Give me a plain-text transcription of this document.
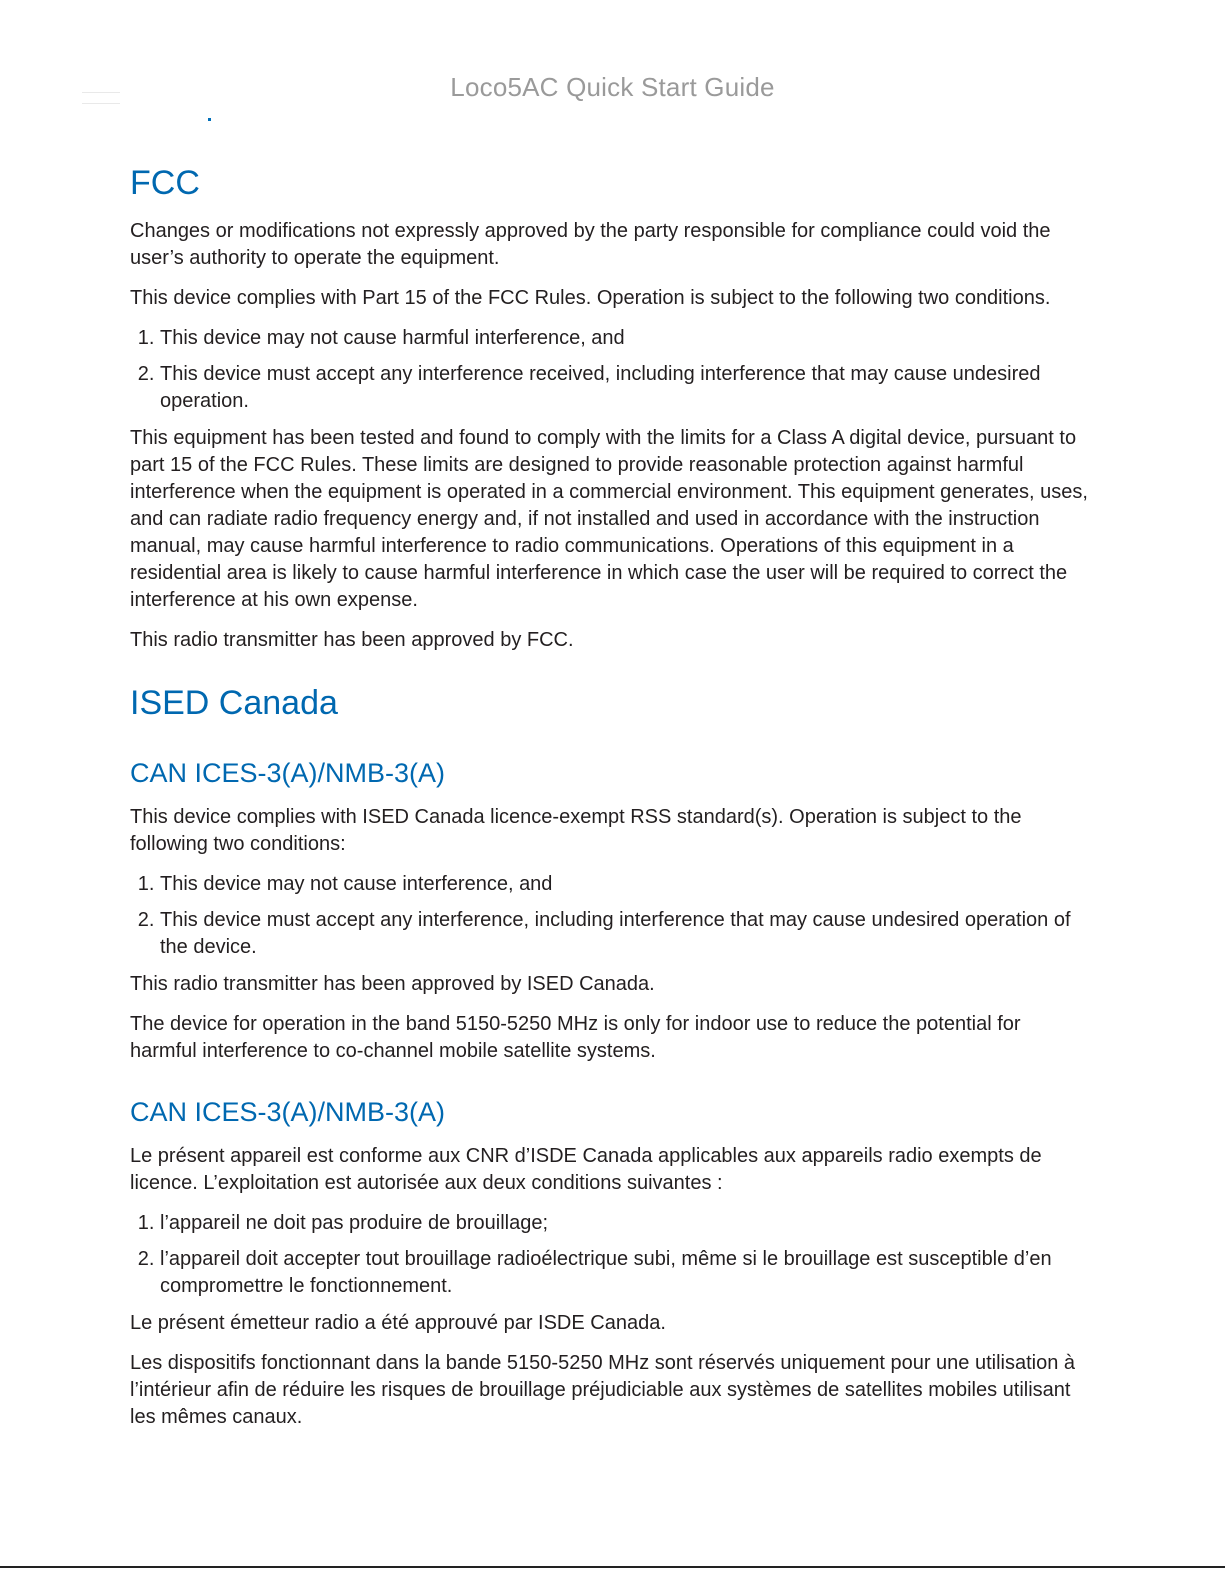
Loco5AC Quick Start Guide
FCC

Changes or modifications not expressly approved by the party responsible for compliance could void the user’s authority to operate the equipment.

This device complies with Part 15 of the FCC Rules. Operation is subject to the following two conditions.

1. This device may not cause harmful interference, and
2. This device must accept any interference received, including interference that may cause undesired operation.

This equipment has been tested and found to comply with the limits for a Class A digital device, pursuant to part 15 of the FCC Rules. These limits are designed to provide reasonable protection against harmful interference when the equipment is operated in a commercial environment. This equipment generates, uses, and can radiate radio frequency energy and, if not installed and used in accordance with the instruction manual, may cause harmful interference to radio communications. Operations of this equipment in a residential area is likely to cause harmful interference in which case the user will be required to correct the interference at his own expense.

This radio transmitter has been approved by FCC.

ISED Canada
CAN ICES-3(A)/NMB-3(A)

This device complies with ISED Canada licence-exempt RSS standard(s). Operation is subject to the following two conditions:

1. This device may not cause interference, and
2. This device must accept any interference, including interference that may cause undesired operation of the device.

This radio transmitter has been approved by ISED Canada.

The device for operation in the band 5150-5250 MHz is only for indoor use to reduce the potential for harmful interference to co-channel mobile satellite systems.

CAN ICES-3(A)/NMB-3(A)

Le présent appareil est conforme aux CNR d’ISDE Canada applicables aux appareils radio exempts de licence. L’exploitation est autorisée aux deux conditions suivantes :

1. l’appareil ne doit pas produire de brouillage;
2. l’appareil doit accepter tout brouillage radioélectrique subi, même si le brouillage est susceptible d’en compromettre le fonctionnement.

Le présent émetteur radio a été approuvé par ISDE Canada.

Les dispositifs fonctionnant dans la bande 5150-5250 MHz sont réservés uniquement pour une utilisation à l’intérieur afin de réduire les risques de brouillage préjudiciable aux systèmes de satellites mobiles utilisant les mêmes canaux.
